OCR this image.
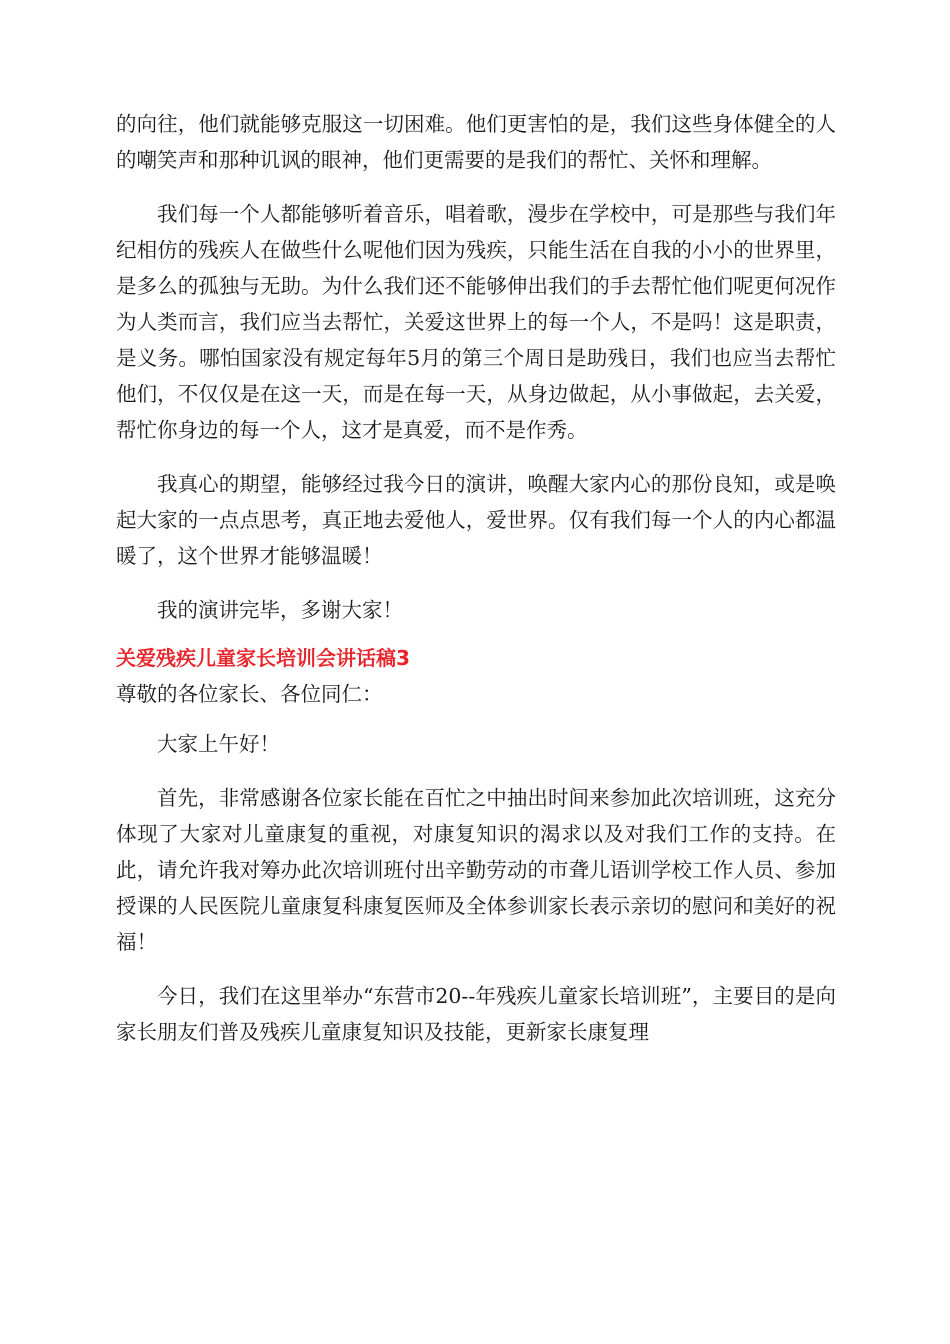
的向往，他们就能够克服这一切困难。他们更害怕的是，我们这些身体健全的人的嘲笑声和那种讥讽的眼神，他们更需要的是我们的帮忙、关怀和理解。

我们每一个人都能够听着音乐，唱着歌，漫步在学校中，可是那些与我们年纪相仿的残疾人在做些什么呢他们因为残疾，只能生活在自我的小小的世界里，是多么的孤独与无助。为什么我们还不能够伸出我们的手去帮忙他们呢更何况作为人类而言，我们应当去帮忙，关爱这世界上的每一个人，不是吗！这是职责，是义务。哪怕国家没有规定每年5月的第三个周日是助残日，我们也应当去帮忙他们，不仅仅是在这一天，而是在每一天，从身边做起，从小事做起，去关爱，帮忙你身边的每一个人，这才是真爱，而不是作秀。

我真心的期望，能够经过我今日的演讲，唤醒大家内心的那份良知，或是唤起大家的一点点思考，真正地去爱他人，爱世界。仅有我们每一个人的内心都温暖了，这个世界才能够温暖！

我的演讲完毕，多谢大家！

关爱残疾儿童家长培训会讲话稿3

尊敬的各位家长、各位同仁：

大家上午好！

首先，非常感谢各位家长能在百忙之中抽出时间来参加此次培训班，这充分体现了大家对儿童康复的重视，对康复知识的渴求以及对我们工作的支持。在此，请允许我对筹办此次培训班付出辛勤劳动的市聋儿语训学校工作人员、参加授课的人民医院儿童康复科康复医师及全体参训家长表示亲切的慰问和美好的祝福！

今日，我们在这里举办“东营市20--年残疾儿童家长培训班”，主要目的是向家长朋友们普及残疾儿童康复知识及技能，更新家长康复理
